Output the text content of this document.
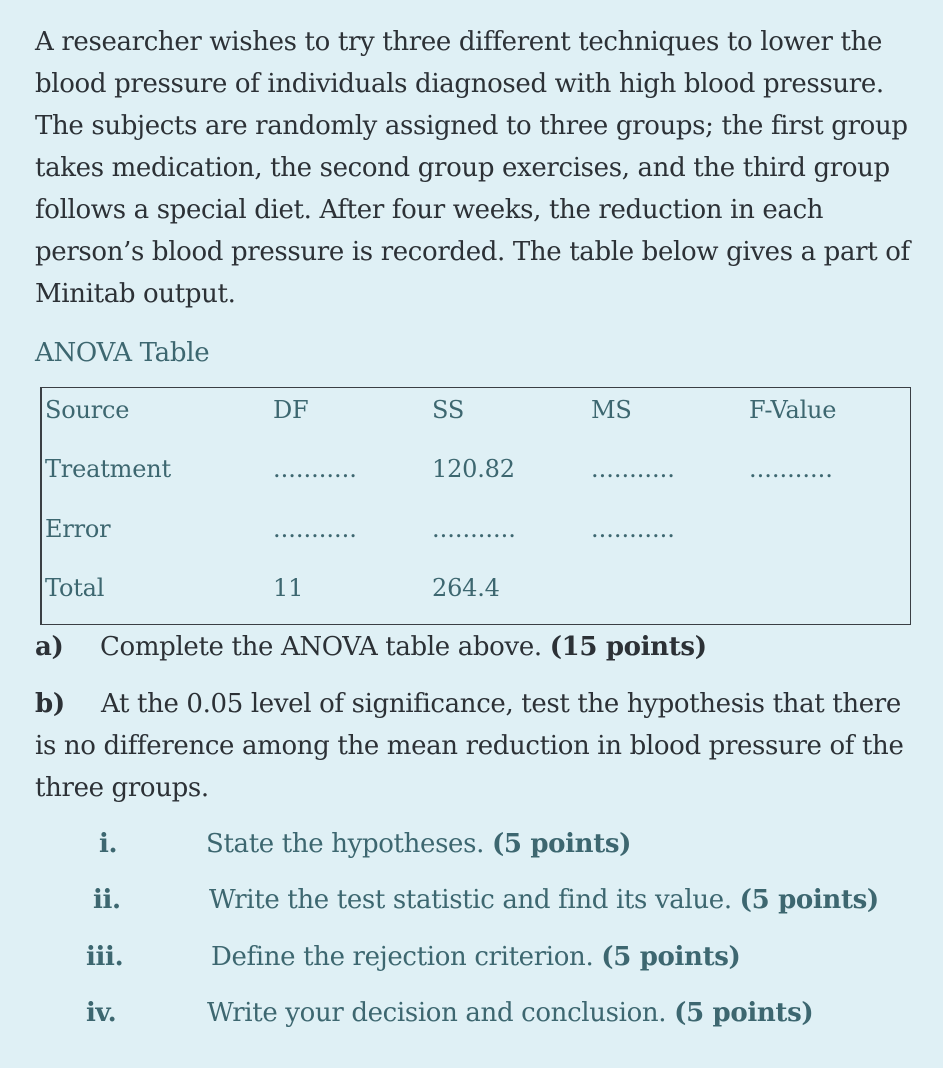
A researcher wishes to try three different techniques to lower the blood pressure of individuals diagnosed with high blood pressure. The subjects are randomly assigned to three groups; the first group takes medication, the second group exercises, and the third group follows a special diet. After four weeks, the reduction in each person’s blood pressure is recorded. The table below gives a part of Minitab output.

ANOVA Table
Source	DF	SS	MS	F-Value
Treatment	...........	120.82	...........	...........
Error	...........	...........	...........
Total	11	264.4

a) Complete the ANOVA table above. (15 points)

b) At the 0.05 level of significance, test the hypothesis that there is no difference among the mean reduction in blood pressure of the three groups.

i.	State the hypotheses. (5 points)
ii.	Write the test statistic and find its value. (5 points)
iii.	Define the rejection criterion. (5 points)
iv.	Write your decision and conclusion. (5 points)
